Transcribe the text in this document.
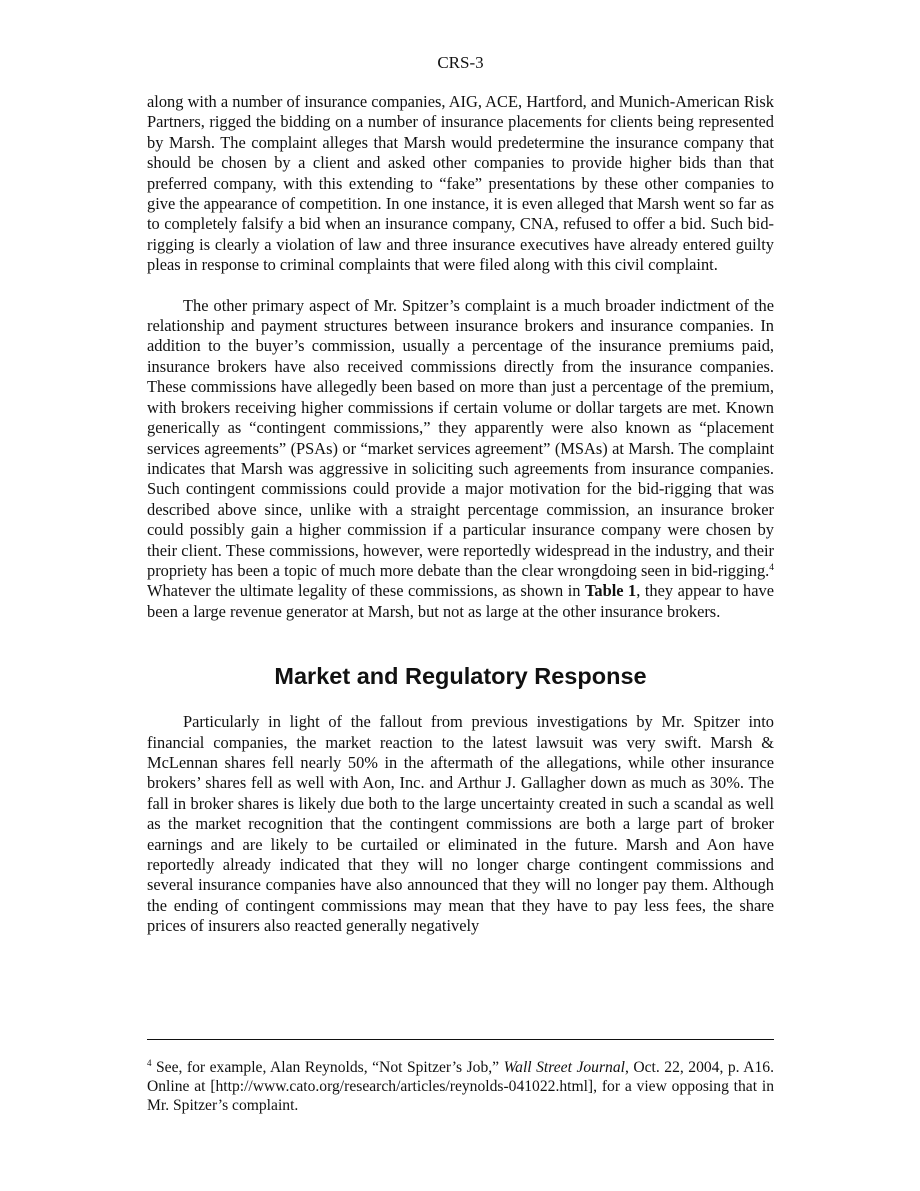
CRS-3

along with a number of insurance companies, AIG, ACE, Hartford, and Munich-American Risk Partners, rigged the bidding on a number of insurance placements for clients being represented by Marsh. The complaint alleges that Marsh would predetermine the insurance company that should be chosen by a client and asked other companies to provide higher bids than that preferred company, with this extending to “fake” presentations by these other companies to give the appearance of competition. In one instance, it is even alleged that Marsh went so far as to completely falsify a bid when an insurance company, CNA, refused to offer a bid. Such bid-rigging is clearly a violation of law and three insurance executives have already entered guilty pleas in response to criminal complaints that were filed along with this civil complaint.

The other primary aspect of Mr. Spitzer’s complaint is a much broader indictment of the relationship and payment structures between insurance brokers and insurance companies. In addition to the buyer’s commission, usually a percentage of the insurance premiums paid, insurance brokers have also received commissions directly from the insurance companies. These commissions have allegedly been based on more than just a percentage of the premium, with brokers receiving higher commissions if certain volume or dollar targets are met. Known generically as “contingent commissions,” they apparently were also known as “placement services agreements” (PSAs) or “market services agreement” (MSAs) at Marsh. The complaint indicates that Marsh was aggressive in soliciting such agreements from insurance companies. Such contingent commissions could provide a major motivation for the bid-rigging that was described above since, unlike with a straight percentage commission, an insurance broker could possibly gain a higher commission if a particular insurance company were chosen by their client. These commissions, however, were reportedly widespread in the industry, and their propriety has been a topic of much more debate than the clear wrongdoing seen in bid-rigging.$^4$ Whatever the ultimate legality of these commissions, as shown in Table 1, they appear to have been a large revenue generator at Marsh, but not as large at the other insurance brokers.

Market and Regulatory Response

Particularly in light of the fallout from previous investigations by Mr. Spitzer into financial companies, the market reaction to the latest lawsuit was very swift. Marsh & McLennan shares fell nearly 50% in the aftermath of the allegations, while other insurance brokers’ shares fell as well with Aon, Inc. and Arthur J. Gallagher down as much as 30%. The fall in broker shares is likely due both to the large uncertainty created in such a scandal as well as the market recognition that the contingent commissions are both a large part of broker earnings and are likely to be curtailed or eliminated in the future. Marsh and Aon have reportedly already indicated that they will no longer charge contingent commissions and several insurance companies have also announced that they will no longer pay them. Although the ending of contingent commissions may mean that they have to pay less fees, the share prices of insurers also reacted generally negatively

$^4$ See, for example, Alan Reynolds, “Not Spitzer’s Job,” Wall Street Journal, Oct. 22, 2004, p. A16. Online at [http://www.cato.org/research/articles/reynolds-041022.html], for a view opposing that in Mr. Spitzer’s complaint.
